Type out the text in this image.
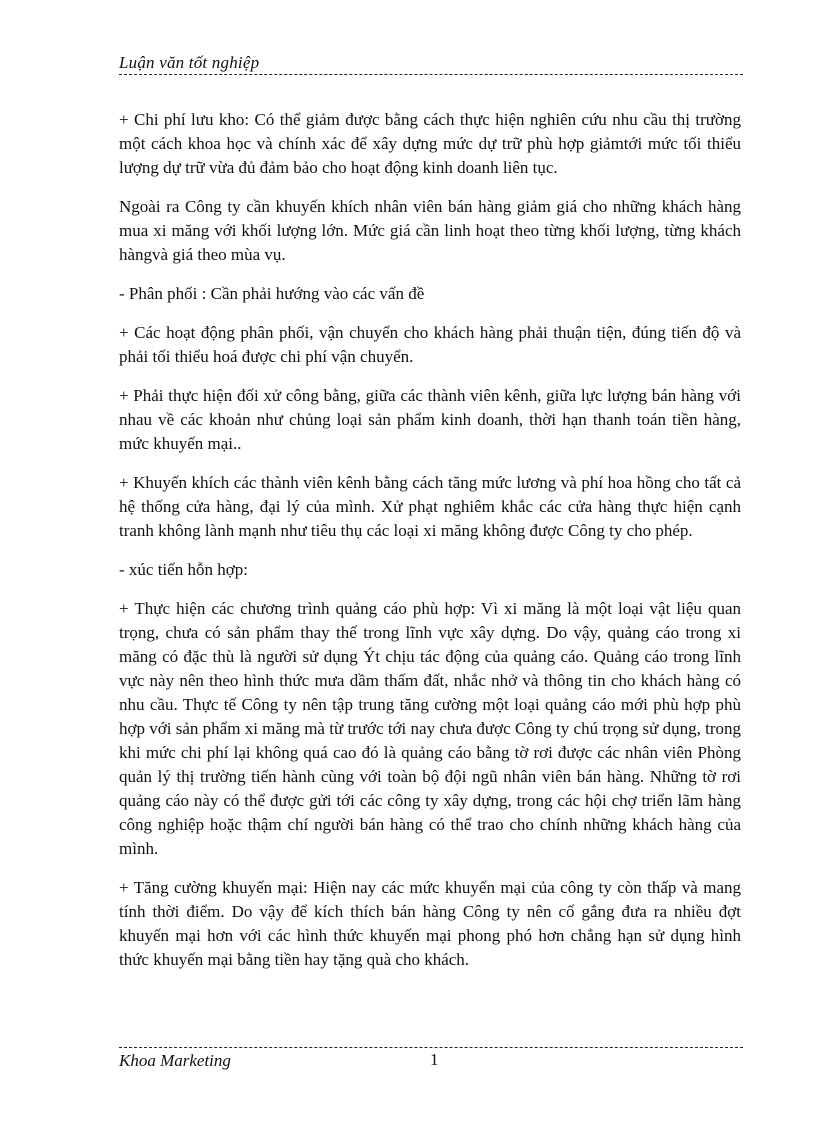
Luận văn tốt nghiệp

+ Chi phí lưu kho: Có thể giảm được bằng cách thực hiện nghiên cứu nhu cầu thị trường một cách khoa học và chính xác để xây dựng mức dự trữ phù hợp giảmtới mức tối thiểu lượng dự trữ vừa đủ đảm bảo cho hoạt động kinh doanh liên tục.

Ngoài ra Công ty cần khuyến khích nhân viên bán hàng giảm giá cho những khách hàng mua xi măng với khối lượng lớn. Mức giá cần linh hoạt theo từng khối lượng, từng khách hàngvà giá theo mùa vụ.

- Phân phối : Cần phải hướng vào các vấn đề

+ Các hoạt động phân phối, vận chuyển cho khách hàng phải thuận tiện, đúng tiến độ và phải tối thiểu hoá được chi phí vận chuyển.

+ Phải thực hiện đối xử công bằng, giữa các thành viên kênh, giữa lực lượng bán hàng với nhau về các khoản như chủng loại sản phẩm kinh doanh, thời hạn thanh toán tiền hàng, mức khuyến mại..

+ Khuyến khích các thành viên kênh bằng cách tăng mức lương và phí hoa hồng cho tất cả hệ thống cửa hàng, đại lý của mình. Xử phạt nghiêm khắc các cửa hàng thực hiện cạnh tranh không lành mạnh như tiêu thụ các loại xi măng không được Công ty cho phép.

- xúc tiến hỗn hợp:

+ Thực hiện các chương trình quảng cáo phù hợp: Vì xi măng là một loại vật liệu quan trọng, chưa có sản phẩm thay thế trong lĩnh vực xây dựng. Do vậy, quảng cáo trong xi măng có đặc thù là người sử dụng Ýt chịu tác động của quảng cáo. Quảng cáo trong lĩnh vực này nên theo hình thức mưa dầm thấm đất, nhắc nhở và thông tin cho khách hàng có nhu cầu. Thực tế Công ty nên tập trung tăng cường một loại quảng cáo mới phù hợp phù hợp với sản phẩm xi măng mà từ trước tới nay chưa được Công ty chú trọng sử dụng, trong khi mức chi phí lại không quá cao đó là quảng cáo bằng tờ rơi được các nhân viên Phòng quản lý thị trường tiến hành cùng với toàn bộ đội ngũ nhân viên bán hàng. Những tờ rơi quảng cáo này có thể được gửi tới các công ty xây dựng, trong các hội chợ triển lãm hàng công nghiệp hoặc thậm chí người bán hàng có thể trao cho chính những khách hàng của mình.

+ Tăng cường khuyến mại: Hiện nay các mức khuyến mại của công ty còn thấp và mang tính thời điểm. Do vậy để kích thích bán hàng Công ty nên cố gắng đưa ra nhiều đợt khuyến mại hơn với các hình thức khuyến mại phong phó hơn chẳng hạn sử dụng hình thức khuyến mại bằng tiền hay tặng quà cho khách.

Khoa Marketing	1
